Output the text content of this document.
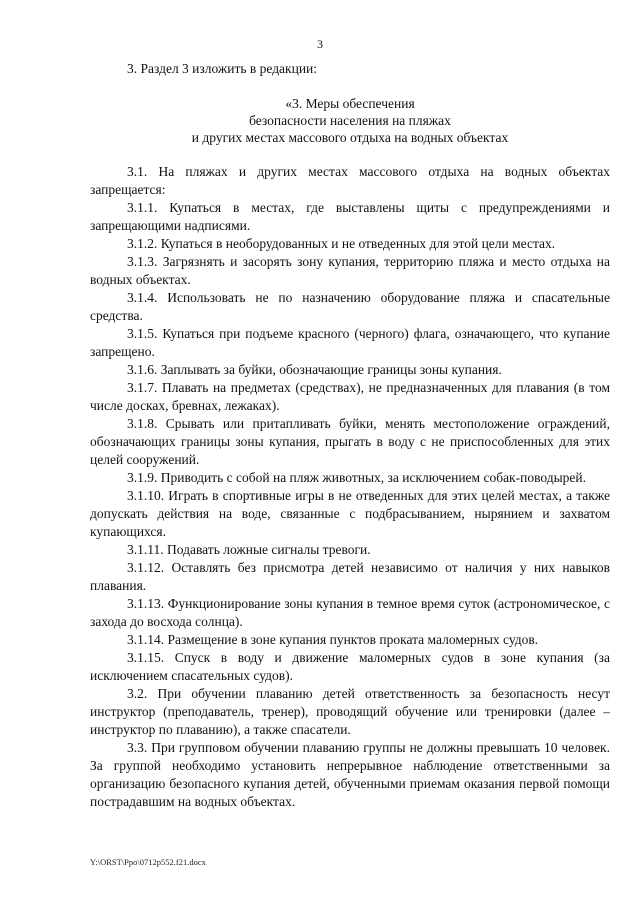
3

3. Раздел 3 изложить в редакции:

«3. Меры обеспечения
безопасности населения на пляжах
и других местах массового отдыха на водных объектах

3.1. На пляжах и других местах массового отдыха на водных объектах запрещается:

3.1.1. Купаться в местах, где выставлены щиты с предупреждениями и запрещающими надписями.

3.1.2. Купаться в необорудованных и не отведенных для этой цели местах.

3.1.3. Загрязнять и засорять зону купания, территорию пляжа и место отдыха на водных объектах.

3.1.4. Использовать не по назначению оборудование пляжа и спасательные средства.

3.1.5. Купаться при подъеме красного (черного) флага, означающего, что купание запрещено.

3.1.6. Заплывать за буйки, обозначающие границы зоны купания.

3.1.7. Плавать на предметах (средствах), не предназначенных для плавания (в том числе досках, бревнах, лежаках).

3.1.8. Срывать или притапливать буйки, менять местоположение ограждений, обозначающих границы зоны купания, прыгать в воду с не приспособленных для этих целей сооружений.

3.1.9. Приводить с собой на пляж животных, за исключением собак-поводырей.

3.1.10. Играть в спортивные игры в не отведенных для этих целей местах, а также допускать действия на воде, связанные с подбрасыванием, нырянием и захватом купающихся.

3.1.11. Подавать ложные сигналы тревоги.

3.1.12. Оставлять без присмотра детей независимо от наличия у них навыков плавания.

3.1.13. Функционирование зоны купания в темное время суток (астрономическое, с захода до восхода солнца).

3.1.14. Размещение в зоне купания пунктов проката маломерных судов.

3.1.15. Спуск в воду и движение маломерных судов в зоне купания (за исключением спасательных судов).

3.2. При обучении плаванию детей ответственность за безопасность несут инструктор (преподаватель, тренер), проводящий обучение или тренировки (далее – инструктор по плаванию), а также спасатели.

3.3. При групповом обучении плаванию группы не должны превышать 10 человек. За группой необходимо установить непрерывное наблюдение ответственными за организацию безопасного купания детей, обученными приемам оказания первой помощи пострадавшим на водных объектах.

Y:\ORST\Ppo\0712p552.f21.docx
